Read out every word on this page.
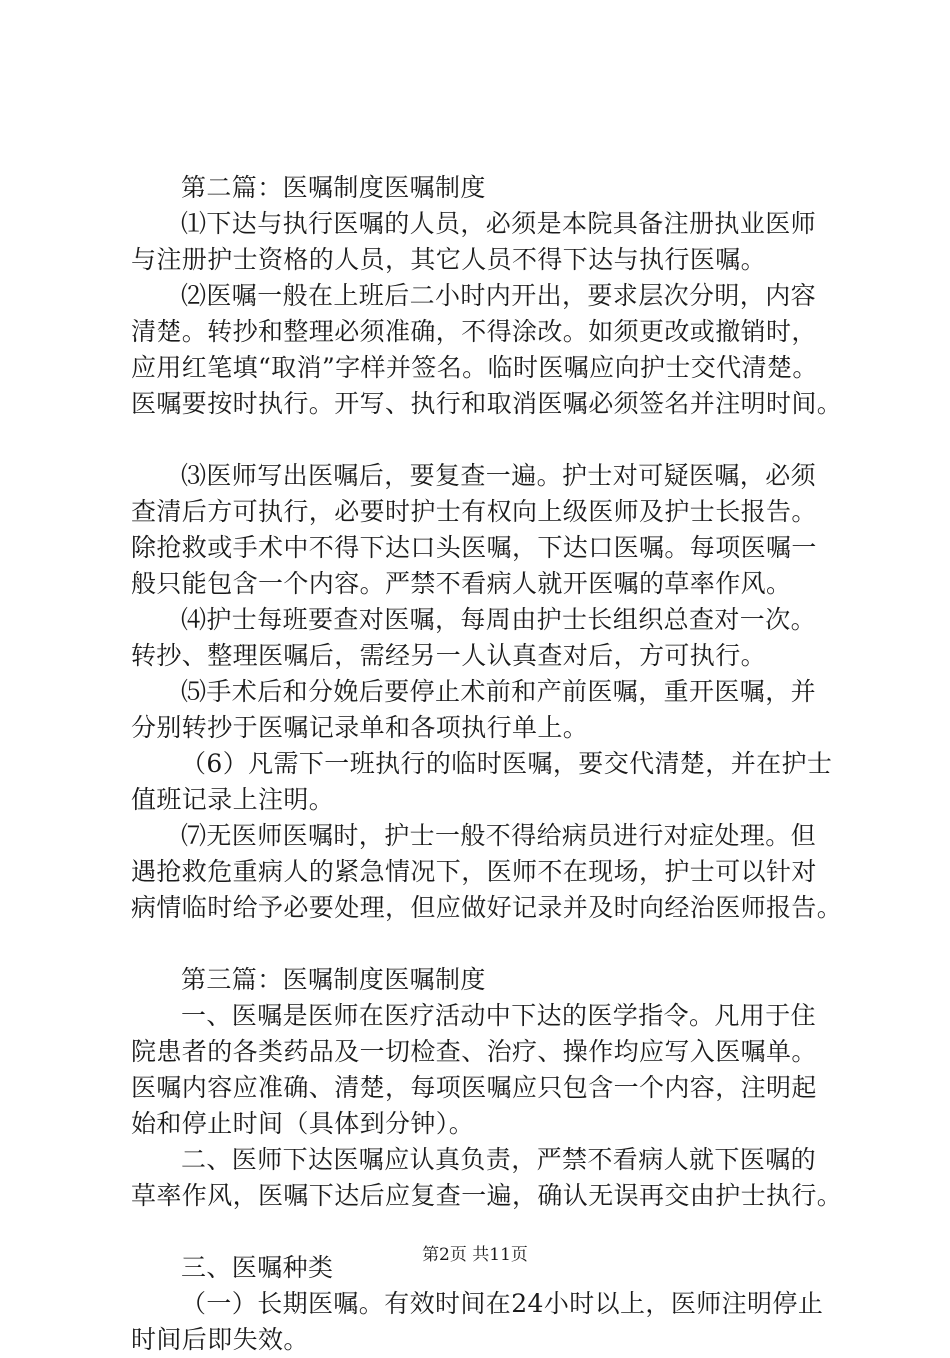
第二篇：医嘱制度医嘱制度
⑴下达与执行医嘱的人员，必须是本院具备注册执业医师
与注册护士资格的人员，其它人员不得下达与执行医嘱。
⑵医嘱一般在上班后二小时内开出，要求层次分明，内容
清楚。转抄和整理必须准确，不得涂改。如须更改或撤销时，
应用红笔填“取消”字样并签名。临时医嘱应向护士交代清楚。
医嘱要按时执行。开写、执行和取消医嘱必须签名并注明时间。
⑶医师写出医嘱后，要复查一遍。护士对可疑医嘱，必须
查清后方可执行，必要时护士有权向上级医师及护士长报告。
除抢救或手术中不得下达口头医嘱，下达口医嘱。每项医嘱一
般只能包含一个内容。严禁不看病人就开医嘱的草率作风。
⑷护士每班要查对医嘱，每周由护士长组织总查对一次。
转抄、整理医嘱后，需经另一人认真查对后，方可执行。
⑸手术后和分娩后要停止术前和产前医嘱，重开医嘱，并
分别转抄于医嘱记录单和各项执行单上。
（6）凡需下一班执行的临时医嘱，要交代清楚，并在护士
值班记录上注明。
⑺无医师医嘱时，护士一般不得给病员进行对症处理。但
遇抢救危重病人的紧急情况下，医师不在现场，护士可以针对
病情临时给予必要处理，但应做好记录并及时向经治医师报告。
第三篇：医嘱制度医嘱制度
一、医嘱是医师在医疗活动中下达的医学指令。凡用于住
院患者的各类药品及一切检查、治疗、操作均应写入医嘱单。
医嘱内容应准确、清楚，每项医嘱应只包含一个内容，注明起
始和停止时间（具体到分钟）。
二、医师下达医嘱应认真负责，严禁不看病人就下医嘱的
草率作风，医嘱下达后应复查一遍，确认无误再交由护士执行。
三、医嘱种类
（一）长期医嘱。有效时间在24小时以上，医师注明停止
时间后即失效。
第2页 共11页
